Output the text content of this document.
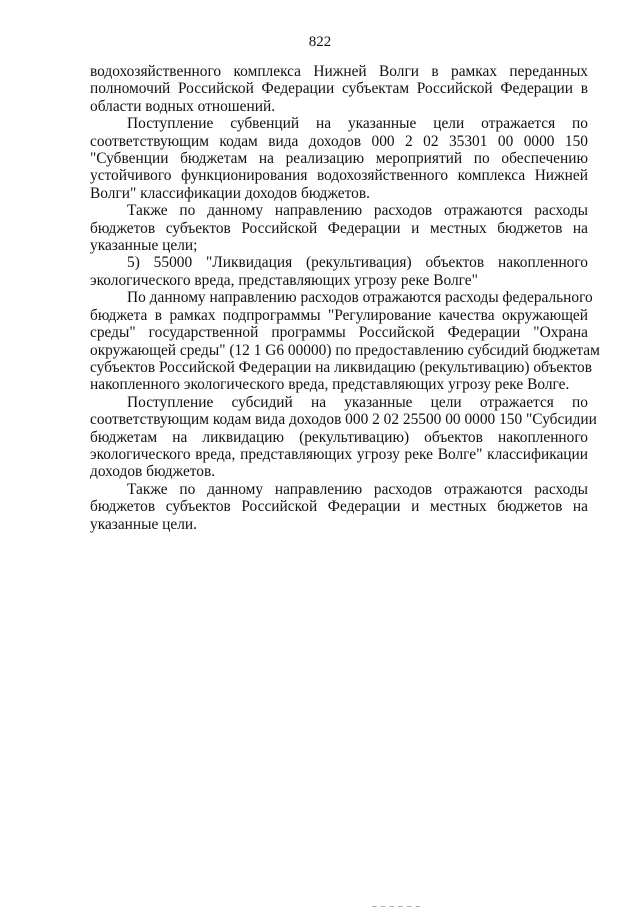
822

водохозяйственного комплекса Нижней Волги в рамках переданных
полномочий Российской Федерации субъектам Российской Федерации в
области водных отношений.

Поступление субвенций на указанные цели отражается по
соответствующим кодам вида доходов 000 2 02 35301 00 0000 150
"Субвенции бюджетам на реализацию мероприятий по обеспечению
устойчивого функционирования водохозяйственного комплекса Нижней
Волги" классификации доходов бюджетов.

Также по данному направлению расходов отражаются расходы
бюджетов субъектов Российской Федерации и местных бюджетов на
указанные цели;

5) 55000 "Ликвидация (рекультивация) объектов накопленного
экологического вреда, представляющих угрозу реке Волге"

По данному направлению расходов отражаются расходы федерального
бюджета в рамках подпрограммы "Регулирование качества окружающей
среды" государственной программы Российской Федерации "Охрана
окружающей среды" (12 1 G6 00000) по предоставлению субсидий бюджетам
субъектов Российской Федерации на ликвидацию (рекультивацию) объектов
накопленного экологического вреда, представляющих угрозу реке Волге.

Поступление субсидий на указанные цели отражается по
соответствующим кодам вида доходов 000 2 02 25500 00 0000 150 "Субсидии
бюджетам на ликвидацию (рекультивацию) объектов накопленного
экологического вреда, представляющих угрозу реке Волге" классификации
доходов бюджетов.

Также по данному направлению расходов отражаются расходы
бюджетов субъектов Российской Федерации и местных бюджетов на
указанные цели.

_ _ _ _ _ _
